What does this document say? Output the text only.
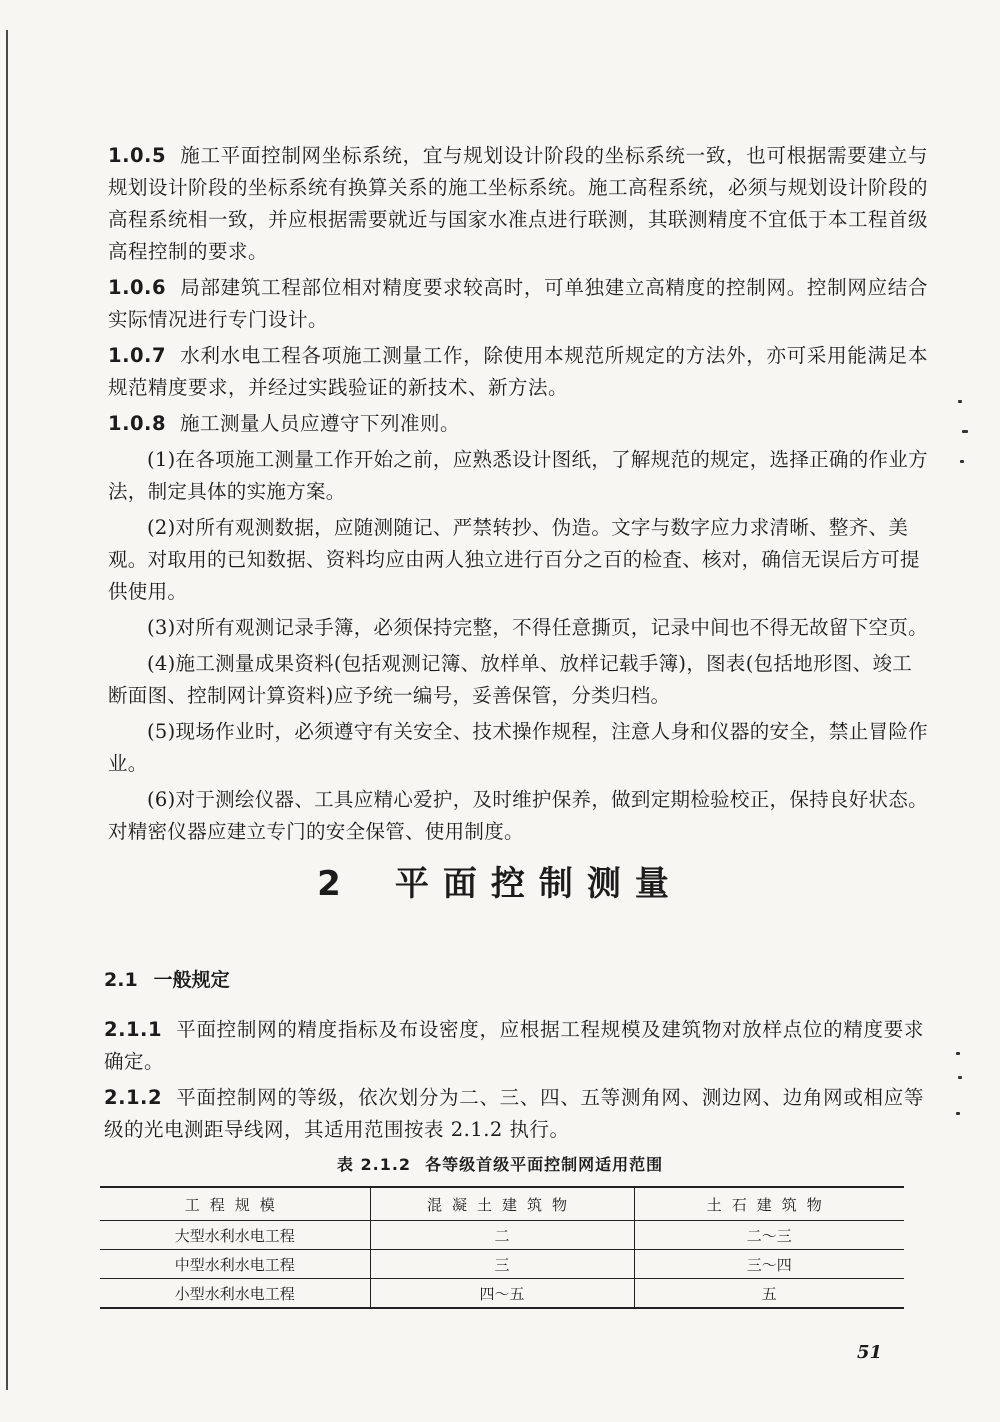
1.0.5 施工平面控制网坐标系统，宜与规划设计阶段的坐标系统一致，也可根据需要建立与规划设计阶段的坐标系统有换算关系的施工坐标系统。施工高程系统，必须与规划设计阶段的高程系统相一致，并应根据需要就近与国家水准点进行联测，其联测精度不宜低于本工程首级高程控制的要求。

1.0.6 局部建筑工程部位相对精度要求较高时，可单独建立高精度的控制网。控制网应结合实际情况进行专门设计。

1.0.7 水利水电工程各项施工测量工作，除使用本规范所规定的方法外，亦可采用能满足本规范精度要求，并经过实践验证的新技术、新方法。

1.0.8 施工测量人员应遵守下列准则。

(1)在各项施工测量工作开始之前，应熟悉设计图纸，了解规范的规定，选择正确的作业方法，制定具体的实施方案。

(2)对所有观测数据，应随测随记、严禁转抄、伪造。文字与数字应力求清晰、整齐、美观。对取用的已知数据、资料均应由两人独立进行百分之百的检査、核对，确信无误后方可提供使用。

(3)对所有观测记录手簿，必须保持完整，不得任意撕页，记录中间也不得无故留下空页。

(4)施工测量成果资料(包括观测记簿、放样单、放样记载手簿)，图表(包括地形图、竣工断面图、控制网计算资料)应予统一编号，妥善保管，分类归档。

(5)现场作业时，必须遵守有关安全、技术操作规程，注意人身和仪器的安全，禁止冒险作业。

(6)对于测绘仪器、工具应精心爱护，及时维护保养，做到定期检验校正，保持良好状态。对精密仪器应建立专门的安全保管、使用制度。

2 平面控制测量
2.1 一般规定

2.1.1 平面控制网的精度指标及布设密度，应根据工程规模及建筑物对放样点位的精度要求确定。

2.1.2 平面控制网的等级，依次划分为二、三、四、五等测角网、测边网、边角网或相应等级的光电测距导线网，其适用范围按表 2.1.2 执行。

表 2.1.2 各等级首级平面控制网适用范围
工程规模	混凝土建筑物	土石建筑物
大型水利水电工程	二	二～三
中型水利水电工程	三	三～四
小型水利水电工程	四～五	五
51
